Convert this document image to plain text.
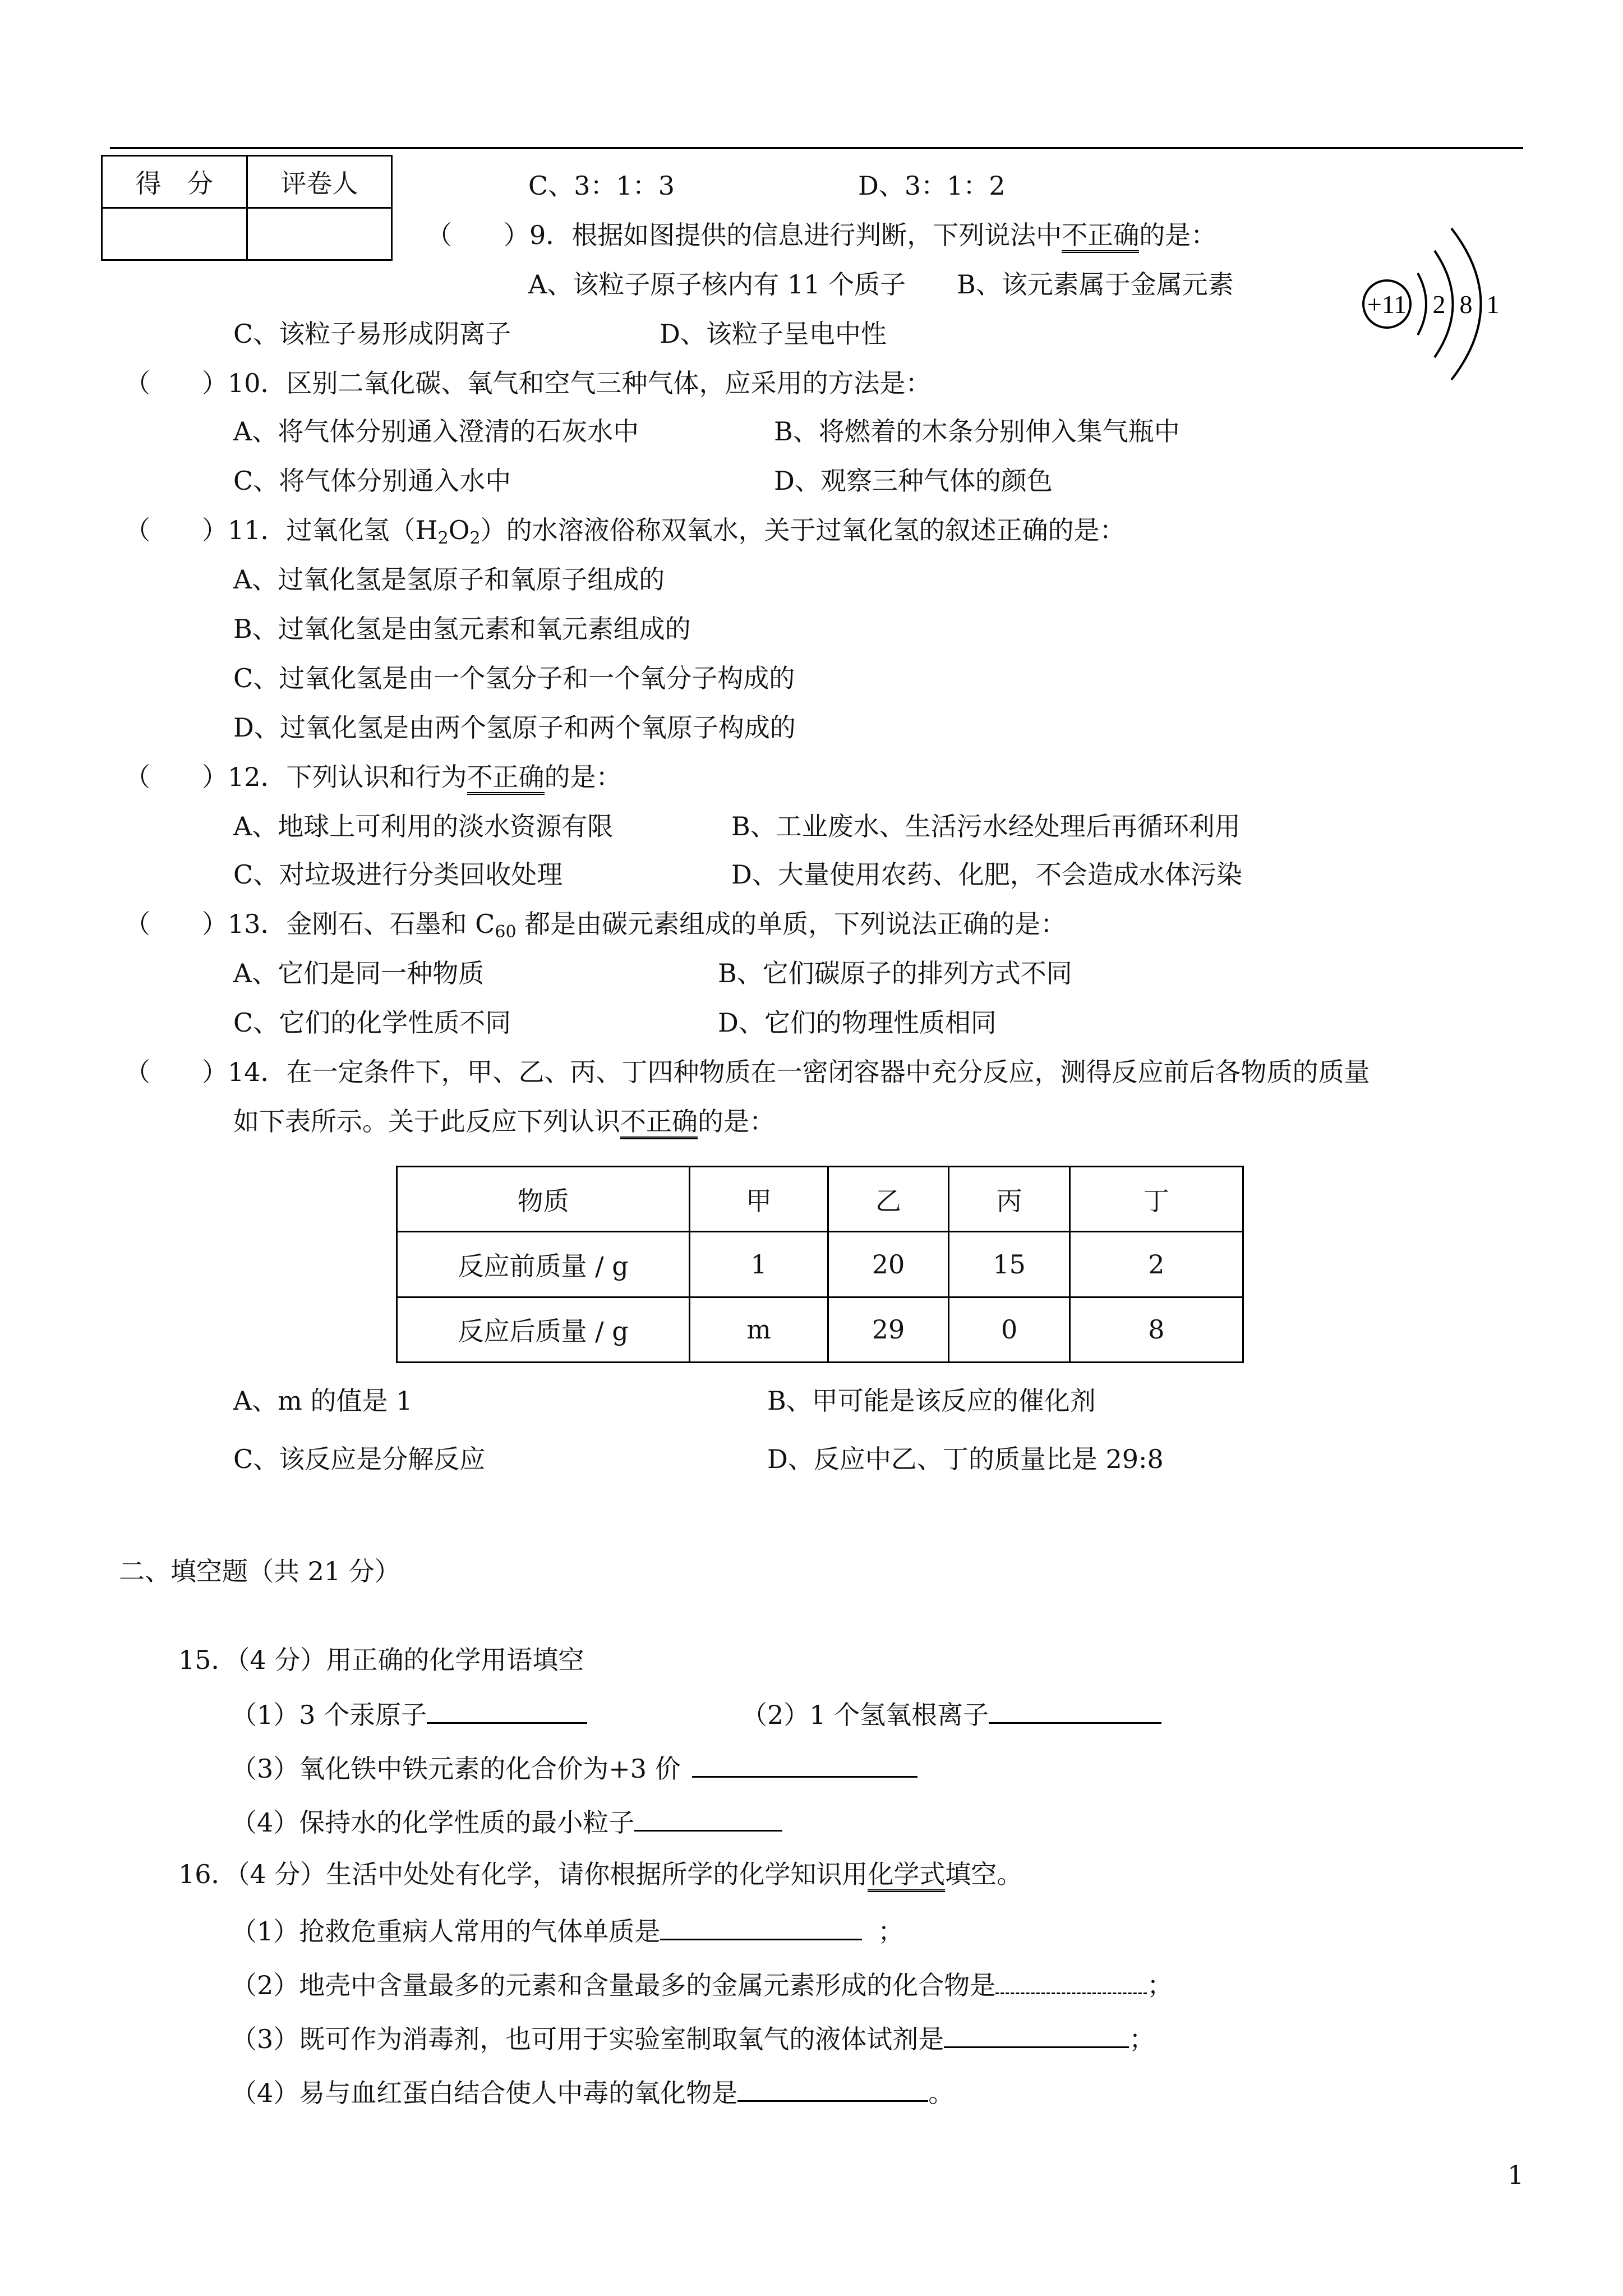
得　分	评卷人
		C、3：1：3	D、3：1：2
（　　）9．根据如图提供的信息进行判断，下列说法中不正确的是：
A、该粒子原子核内有 11 个质子 B、该元素属于金属元素
C、该粒子易形成阴离子	D、该粒子呈电中性
+11 2 8 1
（　　）10．区别二氧化碳、氧气和空气三种气体，应采用的方法是：
A、将气体分别通入澄清的石灰水中	B、将燃着的木条分别伸入集气瓶中
C、将气体分别通入水中	D、观察三种气体的颜色
（　　）11．过氧化氢$(H_2O_2)$的水溶液俗称双氧水，关于过氧化氢的叙述正确的是：
A、过氧化氢是氢原子和氧原子组成的
B、过氧化氢是由氢元素和氧元素组成的
C、过氧化氢是由一个氢分子和一个氧分子构成的
D、过氧化氢是由两个氢原子和两个氧原子构成的
（　　）12．下列认识和行为不正确的是：
A、地球上可利用的淡水资源有限	B、工业废水、生活污水经处理后再循环利用
C、对垃圾进行分类回收处理	D、大量使用农药、化肥，不会造成水体污染
（　　）13．金刚石、石墨和 $C_{60}$ 都是由碳元素组成的单质，下列说法正确的是：
A、它们是同一种物质	B、它们碳原子的排列方式不同
C、它们的化学性质不同	D、它们的物理性质相同
（　　）14．在一定条件下，甲、乙、丙、丁四种物质在一密闭容器中充分反应，测得反应前后各物质的质量
如下表所示。关于此反应下列认识不正确的是：
物质	甲	乙	丙	丁
反应前质量 / g	1	20	15	2
反应后质量 / g	m	29	0	8
A、m 的值是 1	B、甲可能是该反应的催化剂
C、该反应是分解反应	D、反应中乙、丁的质量比是 29:8
二、填空题（共 21 分）
15．（4 分）用正确的化学用语填空
（1）3 个汞原子	（2）1 个氢氧根离子
（3）氧化铁中铁元素的化合价为+3 价
（4）保持水的化学性质的最小粒子
16．（4 分）生活中处处有化学，请你根据所学的化学知识用化学式填空。
（1）抢救危重病人常用的气体单质是	；
（2）地壳中含量最多的元素和含量最多的金属元素形成的化合物是	；
（3）既可作为消毒剂，也可用于实验室制取氧气的液体试剂是	；
（4）易与血红蛋白结合使人中毒的氧化物是	。
1
